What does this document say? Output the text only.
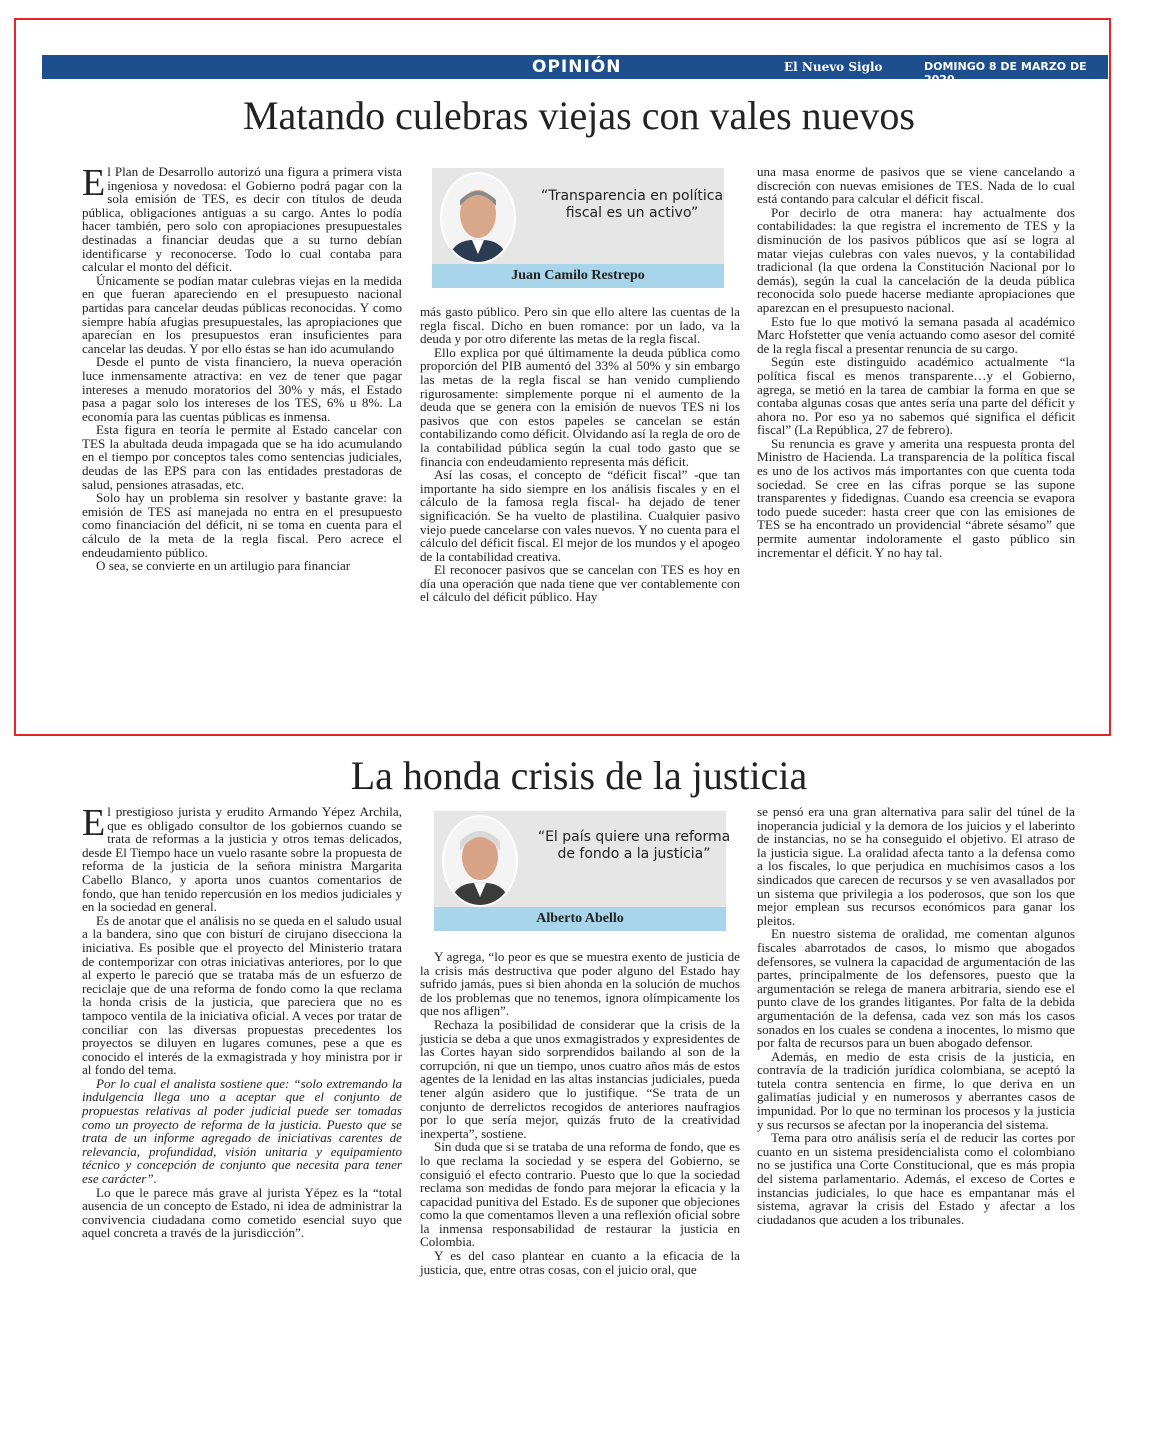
OPINIÓN	El Nuevo Siglo	DOMINGO 8 DE MARZO DE 2020
13
Matando culebras viejas con vales nuevos

El Plan de Desarrollo autorizó una figura a primera vista ingeniosa y novedosa: el Gobierno podrá pagar con la sola emisión de TES, es decir con títulos de deuda pública, obligaciones antiguas a su cargo. Antes lo podía hacer también, pero solo con apropiaciones presupuestales destinadas a financiar deudas que a su turno debían identificarse y reconocerse. Todo lo cual contaba para calcular el monto del déficit.

Únicamente se podían matar culebras viejas en la medida en que fueran apareciendo en el presupuesto nacional partidas para cancelar deudas públicas reconocidas. Y como siempre había afugias presupuestales, las apropiaciones que aparecían en los presupuestos eran insuficientes para cancelar las deudas. Y por ello éstas se han ido acumulando

Desde el punto de vista financiero, la nueva operación luce inmensamente atractiva: en vez de tener que pagar intereses a menudo moratorios del 30% y más, el Estado pasa a pagar solo los intereses de los TES, 6% u 8%. La economía para las cuentas públicas es inmensa.

Esta figura en teoría le permite al Estado cancelar con TES la abultada deuda impagada que se ha ido acumulando en el tiempo por conceptos tales como sentencias judiciales, deudas de las EPS para con las entidades prestadoras de salud, pensiones atrasadas, etc.

Solo hay un problema sin resolver y bastante grave: la emisión de TES así manejada no entra en el presupuesto como financiación del déficit, ni se toma en cuenta para el cálculo de la meta de la regla fiscal. Pero acrece el endeudamiento público.

O sea, se convierte en un artilugio para financiar

“Transparencia en política fiscal es un activo”
Juan Camilo Restrepo

más gasto público. Pero sin que ello altere las cuentas de la regla fiscal. Dicho en buen romance: por un lado, va la deuda y por otro diferente las metas de la regla fiscal.

Ello explica por qué últimamente la deuda pública como proporción del PIB aumentó del 33% al 50% y sin embargo las metas de la regla fiscal se han venido cumpliendo rigurosamente: simplemente porque ni el aumento de la deuda que se genera con la emisión de nuevos TES ni los pasivos que con estos papeles se cancelan se están contabilizando como déficit. Olvidando así la regla de oro de la contabilidad pública según la cual todo gasto que se financia con endeudamiento representa más déficit.

Así las cosas, el concepto de “déficit fiscal” -que tan importante ha sido siempre en los análisis fiscales y en el cálculo de la famosa regla fiscal- ha dejado de tener significación. Se ha vuelto de plastilina. Cualquier pasivo viejo puede cancelarse con vales nuevos. Y no cuenta para el cálculo del déficit fiscal. El mejor de los mundos y el apogeo de la contabilidad creativa.

El reconocer pasivos que se cancelan con TES es hoy en día una operación que nada tiene que ver contablemente con el cálculo del déficit público. Hay

una masa enorme de pasivos que se viene cancelando a discreción con nuevas emisiones de TES. Nada de lo cual está contando para calcular el déficit fiscal.

Por decirlo de otra manera: hay actualmente dos contabilidades: la que registra el incremento de TES y la disminución de los pasivos públicos que así se logra al matar viejas culebras con vales nuevos, y la contabilidad tradicional (la que ordena la Constitución Nacional por lo demás), según la cual la cancelación de la deuda pública reconocida solo puede hacerse mediante apropiaciones que aparezcan en el presupuesto nacional.

Esto fue lo que motivó la semana pasada al académico Marc Hofstetter que venía actuando como asesor del comité de la regla fiscal a presentar renuncia de su cargo.

Según este distinguido académico actualmente “la política fiscal es menos transparente…y el Gobierno, agrega, se metió en la tarea de cambiar la forma en que se contaba algunas cosas que antes sería una parte del déficit y ahora no. Por eso ya no sabemos qué significa el déficit fiscal” (La República, 27 de febrero).

Su renuncia es grave y amerita una respuesta pronta del Ministro de Hacienda. La transparencia de la política fiscal es uno de los activos más importantes con que cuenta toda sociedad. Se cree en las cifras porque se las supone transparentes y fidedignas. Cuando esa creencia se evapora todo puede suceder: hasta creer que con las emisiones de TES se ha encontrado un providencial “ábrete sésamo” que permite aumentar indoloramente el gasto público sin incrementar el déficit. Y no hay tal.

La honda crisis de la justicia

El prestigioso jurista y erudito Armando Yépez Archila, que es obligado consultor de los gobiernos cuando se trata de reformas a la justicia y otros temas delicados, desde El Tiempo hace un vuelo rasante sobre la propuesta de reforma de la justicia de la señora ministra Margarita Cabello Blanco, y aporta unos cuantos comentarios de fondo, que han tenido repercusión en los medios judiciales y en la sociedad en general.

Es de anotar que el análisis no se queda en el saludo usual a la bandera, sino que con bisturí de cirujano disecciona la iniciativa. Es posible que el proyecto del Ministerio tratara de contemporizar con otras iniciativas anteriores, por lo que al experto le pareció que se trataba más de un esfuerzo de reciclaje que de una reforma de fondo como la que reclama la honda crisis de la justicia, que pareciera que no es tampoco ventila de la iniciativa oficial. A veces por tratar de conciliar con las diversas propuestas precedentes los proyectos se diluyen en lugares comunes, pese a que es conocido el interés de la exmagistrada y hoy ministra por ir al fondo del tema.

Por lo cual el analista sostiene que: “solo extremando la indulgencia llega uno a aceptar que el conjunto de propuestas relativas al poder judicial puede ser tomadas como un proyecto de reforma de la justicia. Puesto que se trata de un informe agregado de iniciativas carentes de relevancia, profundidad, visión unitaria y equipamiento técnico y concepción de conjunto que necesita para tener ese carácter”.

Lo que le parece más grave al jurista Yépez es la “total ausencia de un concepto de Estado, ni idea de administrar la convivencia ciudadana como cometido esencial suyo que aquel concreta a través de la jurisdicción”.

“El país quiere una reforma de fondo a la justicia”
Alberto Abello

Y agrega, “lo peor es que se muestra exento de justicia de la crisis más destructiva que poder alguno del Estado hay sufrido jamás, pues si bien ahonda en la solución de muchos de los problemas que no tenemos, ignora olímpicamente los que nos afligen”.

Rechaza la posibilidad de considerar que la crisis de la justicia se deba a que unos exmagistrados y expresidentes de las Cortes hayan sido sorprendidos bailando al son de la corrupción, ni que un tiempo, unos cuatro años más de estos agentes de la lenidad en las altas instancias judiciales, pueda tener algún asidero que lo justifique. “Se trata de un conjunto de derrelictos recogidos de anteriores naufragios por lo que sería mejor, quizás fruto de la creatividad inexperta”, sostiene.

Sin duda que si se trataba de una reforma de fondo, que es lo que reclama la sociedad y se espera del Gobierno, se consiguió el efecto contrario. Puesto que lo que la sociedad reclama son medidas de fondo para mejorar la eficacia y la capacidad punitiva del Estado. Es de suponer que objeciones como la que comentamos lleven a una reflexión oficial sobre la inmensa responsabilidad de restaurar la justicia en Colombia.

Y es del caso plantear en cuanto a la eficacia de la justicia, que, entre otras cosas, con el juicio oral, que

se pensó era una gran alternativa para salir del túnel de la inoperancia judicial y la demora de los juicios y el laberinto de instancias, no se ha conseguido el objetivo. El atraso de la justicia sigue. La oralidad afecta tanto a la defensa como a los fiscales, lo que perjudica en muchísimos casos a los sindicados que carecen de recursos y se ven avasallados por un sistema que privilegia a los poderosos, que son los que mejor emplean sus recursos económicos para ganar los pleitos.

En nuestro sistema de oralidad, me comentan algunos fiscales abarrotados de casos, lo mismo que abogados defensores, se vulnera la capacidad de argumentación de las partes, principalmente de los defensores, puesto que la argumentación se relega de manera arbitraria, siendo ese el punto clave de los grandes litigantes. Por falta de la debida argumentación de la defensa, cada vez son más los casos sonados en los cuales se condena a inocentes, lo mismo que por falta de recursos para un buen abogado defensor.

Además, en medio de esta crisis de la justicia, en contravía de la tradición jurídica colombiana, se aceptó la tutela contra sentencia en firme, lo que deriva en un galimatías judicial y en numerosos y aberrantes casos de impunidad. Por lo que no terminan los procesos y la justicia y sus recursos se afectan por la inoperancia del sistema.

Tema para otro análisis sería el de reducir las cortes por cuanto en un sistema presidencialista como el colombiano no se justifica una Corte Constitucional, que es más propia del sistema parlamentario. Además, el exceso de Cortes e instancias judiciales, lo que hace es empantanar más el sistema, agravar la crisis del Estado y afectar a los ciudadanos que acuden a los tribunales.
